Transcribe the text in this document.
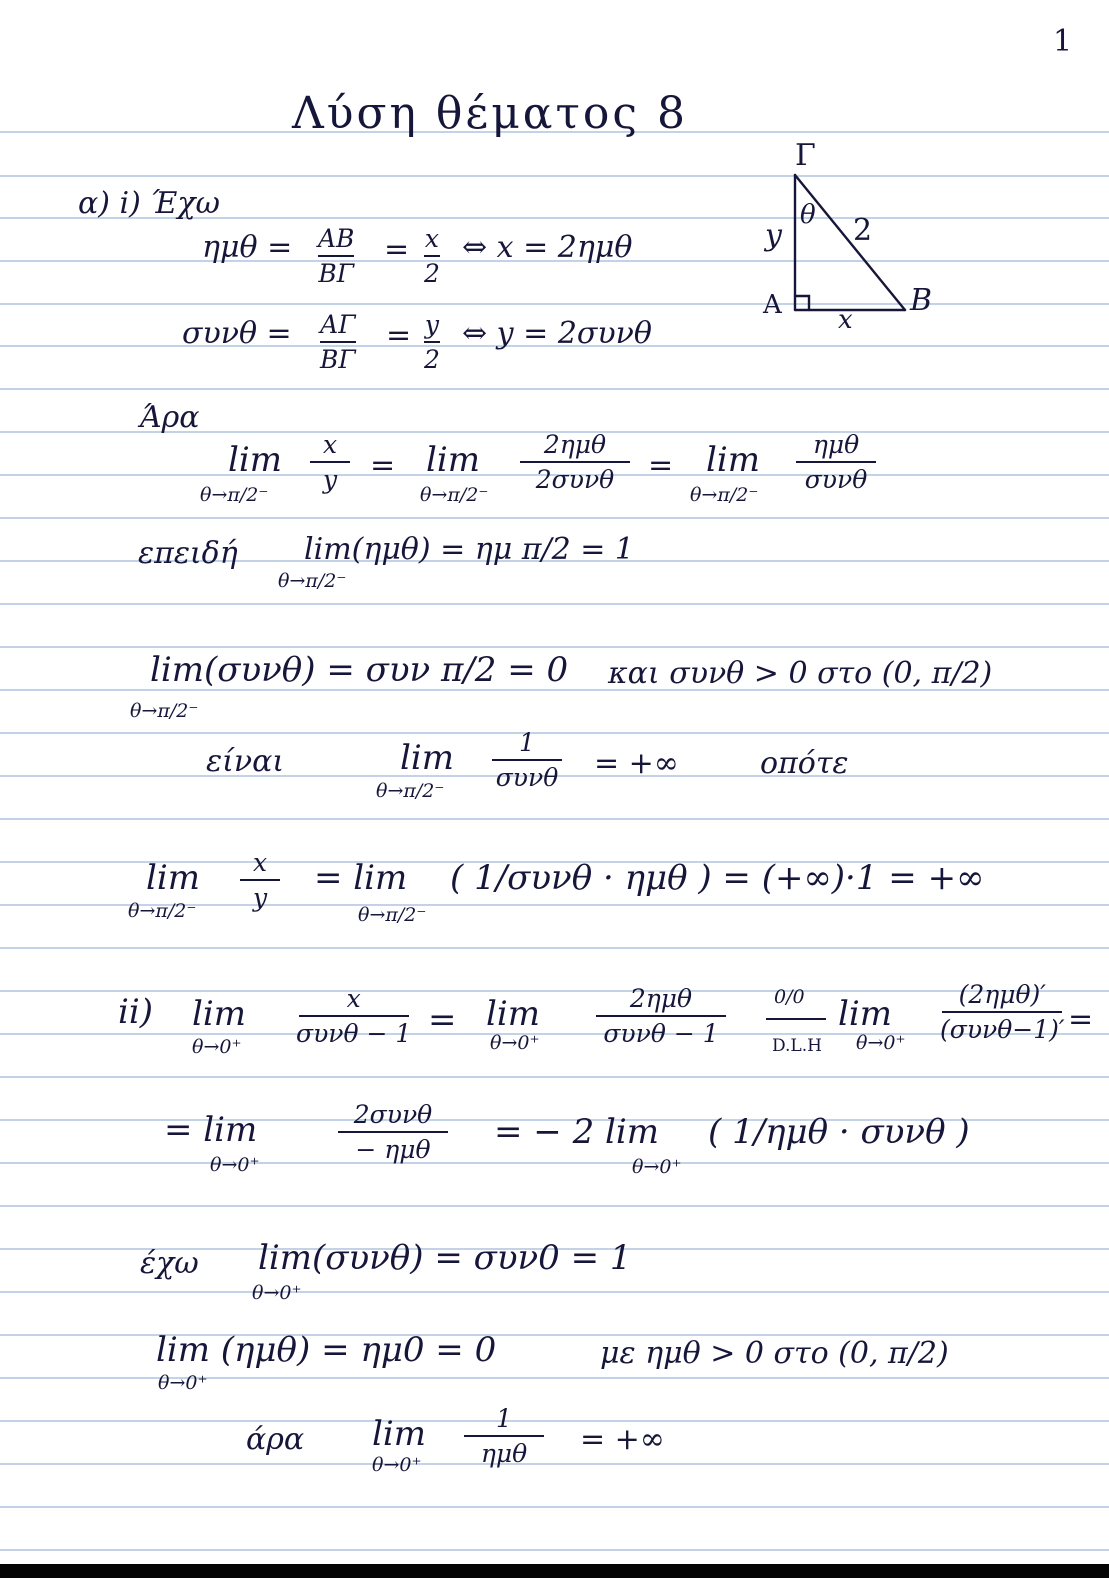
1
Λύση θέματος 8
Γ
A	B
x
y 2
θ
α) i) Έχω
ημθ = ΑΒ
ΒΓ
= x
2
⇔ x = 2ημθ
συνθ = ΑΓ
ΒΓ
= y
2
⇔ y = 2συνθ
Άρα
lim
θ→π/2⁻
x
y = lim
θ→π/2⁻
2ημθ
2συνθ = lim
θ→π/2⁻
ημθ
συνθ
επειδή lim(ημθ) = ημ π/2 = 1
θ→π/2⁻
lim(συνθ) = συν π/2 = 0
θ→π/2⁻
και συνθ > 0 στο (0, π/2)
είναι	lim
θ→π/2⁻
1
συνθ = +∞	οπότε
lim
θ→π/2⁻
x
y = lim
θ→π/2⁻
( 1/συνθ · ημθ ) = (+∞)·1 = +∞
ii) lim
θ→0⁺
x
συνθ − 1 = lim
θ→0⁺
2ημθ
συνθ − 1
0/0
D.L.H
lim
θ→0⁺
(2ημθ)′
(συνθ−1)′ =
= lim
θ→0⁺
2συνθ
− ημθ = − 2 lim
θ→0⁺
( 1/ημθ · συνθ )
έχω lim(συνθ) = συν0 = 1
θ→0⁺
lim (ημθ) = ημ0 = 0
θ→0⁺
με ημθ > 0 στο (0, π/2)
άρα lim
θ→0⁺
1
ημθ = +∞
